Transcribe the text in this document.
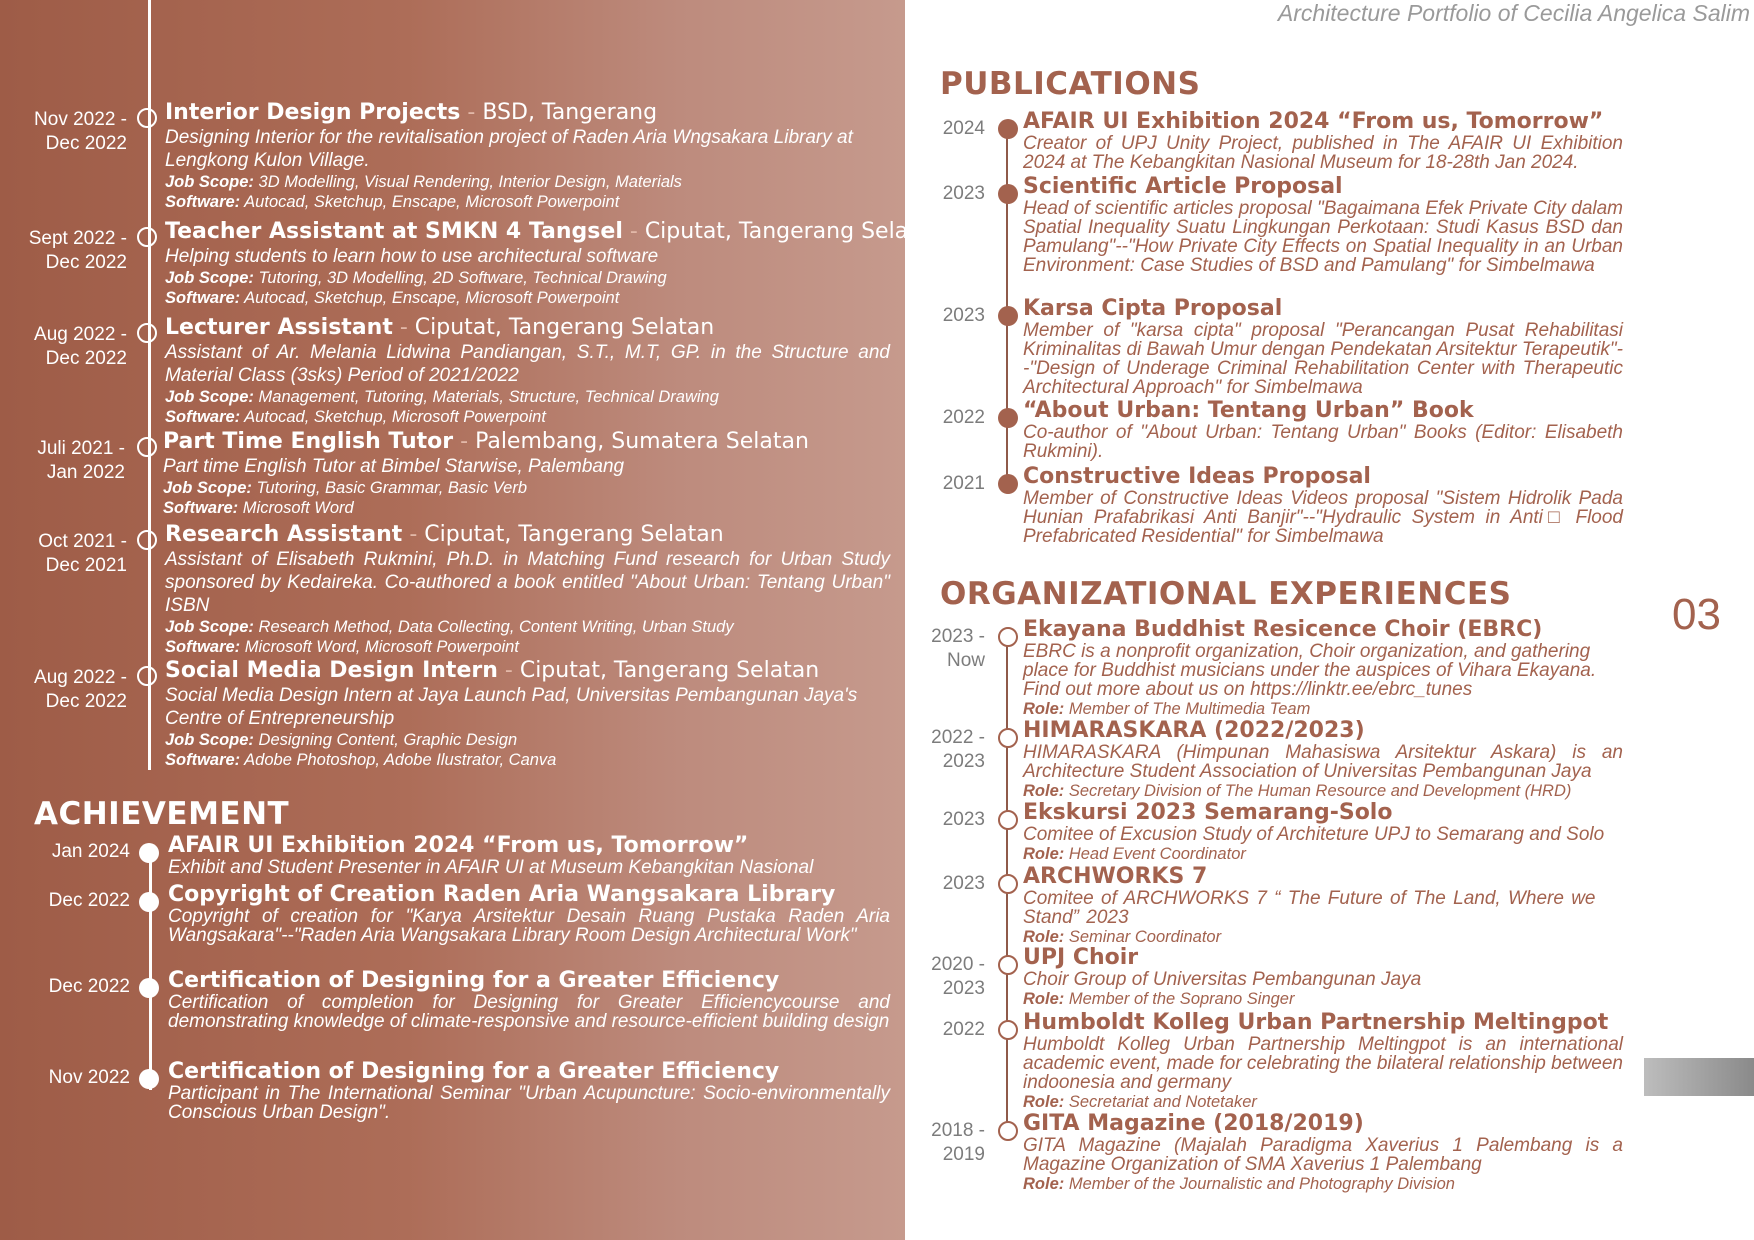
Nov 2022 -
Dec 2022
Interior Design Projects - BSD, Tangerang
Designing Interior for the revitalisation project of Raden Aria Wngsakara Library at Lengkong Kulon Village.
Job Scope: 3D Modelling, Visual Rendering, Interior Design, Materials
Software: Autocad, Sketchup, Enscape, Microsoft Powerpoint
Sept 2022 -
Dec 2022
Teacher Assistant at SMKN 4 Tangsel - Ciputat, Tangerang Selatan
Helping students to learn how to use architectural software
Job Scope: Tutoring, 3D Modelling, 2D Software, Technical Drawing
Software: Autocad, Sketchup, Enscape, Microsoft Powerpoint
Aug 2022 -
Dec 2022
Lecturer Assistant - Ciputat, Tangerang Selatan
Assistant of Ar. Melania Lidwina Pandiangan, S.T., M.T, GP. in the Structure and Material Class (3sks) Period of 2021/2022
Job Scope: Management, Tutoring, Materials, Structure, Technical Drawing
Software: Autocad, Sketchup, Microsoft Powerpoint
Juli 2021 -
Jan 2022
Part Time English Tutor - Palembang, Sumatera Selatan
Part time English Tutor at Bimbel Starwise, Palembang
Job Scope: Tutoring, Basic Grammar, Basic Verb
Software: Microsoft Word
Oct 2021 -
Dec 2021
Research Assistant - Ciputat, Tangerang Selatan
Assistant of Elisabeth Rukmini, Ph.D. in Matching Fund research for Urban Study sponsored by Kedaireka. Co-authored a book entitled "About Urban: Tentang Urban" ISBN
Job Scope: Research Method, Data Collecting, Content Writing, Urban Study
Software: Microsoft Word, Microsoft Powerpoint
Aug 2022 -
Dec 2022
Social Media Design Intern - Ciputat, Tangerang Selatan
Social Media Design Intern at Jaya Launch Pad, Universitas Pembangunan Jaya's Centre of Entrepreneurship
Job Scope: Designing Content, Graphic Design
Software: Adobe Photoshop, Adobe Ilustrator, Canva
ACHIEVEMENT
Jan 2024 AFAIR UI Exhibition 2024 “From us, Tomorrow”
Exhibit and Student Presenter in AFAIR UI at Museum Kebangkitan Nasional
Dec 2022 Copyright of Creation Raden Aria Wangsakara Library
Copyright of creation for "Karya Arsitektur Desain Ruang Pustaka Raden Aria Wangsakara"--"Raden Aria Wangsakara Library Room Design Architectural Work"
Dec 2022 Certification of Designing for a Greater Efficiency
Certification of completion for Designing for Greater Efficiencycourse and demonstrating knowledge of climate-responsive and resource-efficient building design
Nov 2022 Certification of Designing for a Greater Efficiency
Participant in The International Seminar "Urban Acupuncture: Socio-environmentally Conscious Urban Design".
Architecture Portfolio of Cecilia Angelica Salim
PUBLICATIONS
2024 AFAIR UI Exhibition 2024 “From us, Tomorrow”
Creator of UPJ Unity Project, published in The AFAIR UI Exhibition 2024 at The Kebangkitan Nasional Museum for 18-28th Jan 2024.
2023 Scientific Article Proposal
Head of scientific articles proposal "Bagaimana Efek Private City dalam Spatial Inequality Suatu Lingkungan Perkotaan: Studi Kasus BSD dan Pamulang"--"How Private City Effects on Spatial Inequality in an Urban Environment: Case Studies of BSD and Pamulang" for Simbelmawa
2023 Karsa Cipta Proposal
Member of "karsa cipta" proposal "Perancangan Pusat Rehabilitasi Kriminalitas di Bawah Umur dengan Pendekatan Arsitektur Terapeutik"--"Design of Underage Criminal Rehabilitation Center with Therapeutic Architectural Approach" for Simbelmawa
2022 “About Urban: Tentang Urban” Book
Co-author of "About Urban: Tentang Urban" Books (Editor: Elisabeth Rukmini).
2021 Constructive Ideas Proposal
Member of Constructive Ideas Videos proposal "Sistem Hidrolik Pada Hunian Prafabrikasi Anti Banjir"--"Hydraulic System in Anti□ Flood Prefabricated Residential" for Simbelmawa
ORGANIZATIONAL EXPERIENCES
2023 -
Now
Ekayana Buddhist Resicence Choir (EBRC)
EBRC is a nonprofit organization, Choir organization, and gathering place for Buddhist musicians under the auspices of Vihara Ekayana. Find out more about us on https://linktr.ee/ebrc_tunes
Role: Member of The Multimedia Team
2022 -
2023
HIMARASKARA (2022/2023)
HIMARASKARA (Himpunan Mahasiswa Arsitektur Askara) is an Architecture Student Association of Universitas Pembangunan Jaya
Role: Secretary Division of The Human Resource and Development (HRD)
2023 Ekskursi 2023 Semarang-Solo
Comitee of Excusion Study of Architeture UPJ to Semarang and Solo
Role: Head Event Coordinator
2023 ARCHWORKS 7
Comitee of ARCHWORKS 7 “ The Future of The Land, Where we Stand” 2023
Role: Seminar Coordinator
2020 -
2023
UPJ Choir
Choir Group of Universitas Pembangunan Jaya
Role: Member of the Soprano Singer
2022 Humboldt Kolleg Urban Partnership Meltingpot
Humboldt Kolleg Urban Partnership Meltingpot is an international academic event, made for celebrating the bilateral relationship between indoonesia and germany
Role: Secretariat and Notetaker
2018 -
2019
GITA Magazine (2018/2019)
GITA Magazine (Majalah Paradigma Xaverius 1 Palembang is a Magazine Organization of SMA Xaverius 1 Palembang
Role: Member of the Journalistic and Photography Division
03
